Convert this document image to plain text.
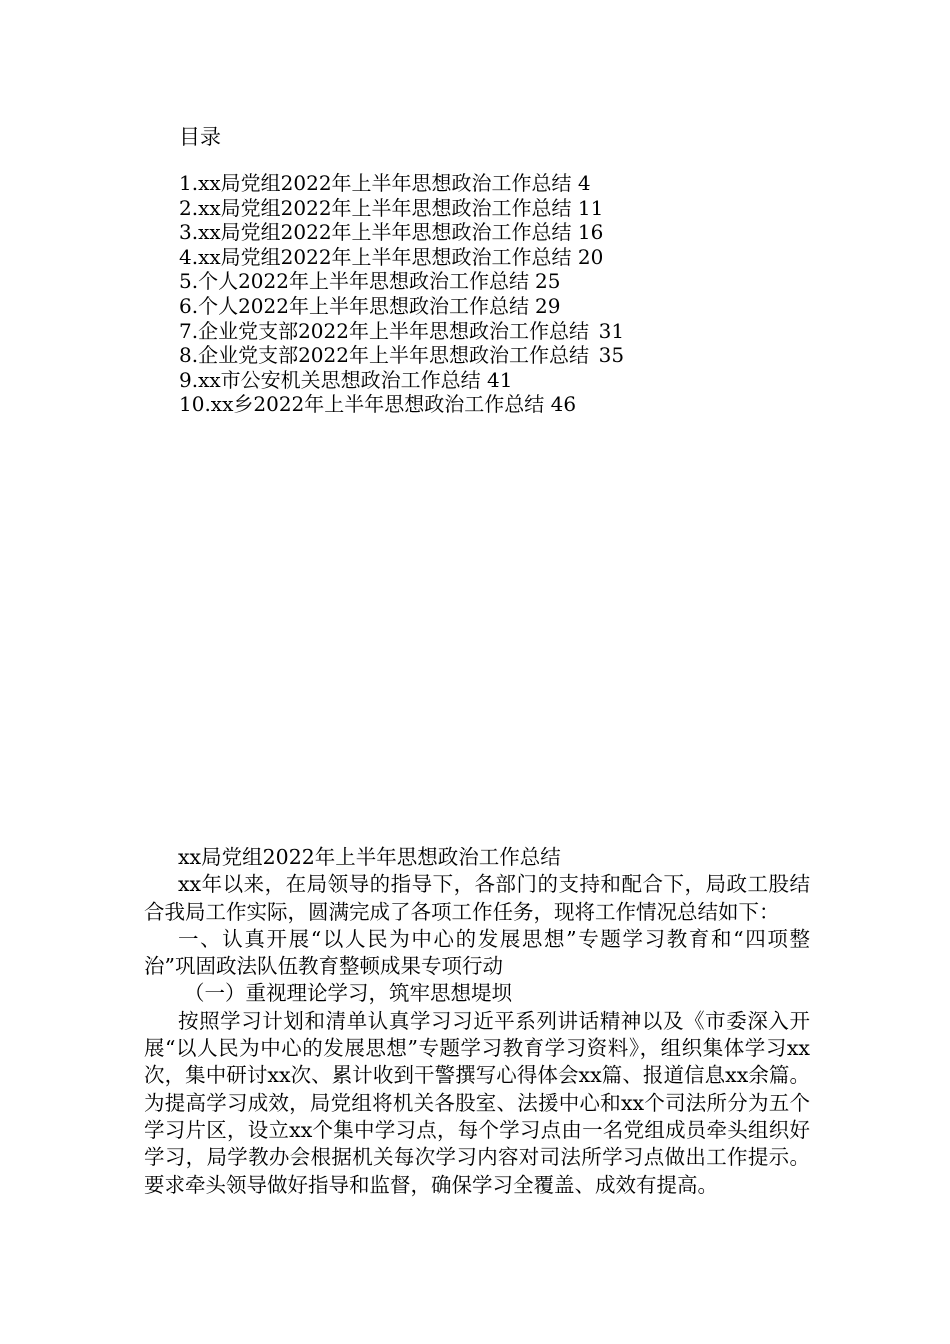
目录
1.xx局党组2022年上半年思想政治工作总结 4
2.xx局党组2022年上半年思想政治工作总结 11
3.xx局党组2022年上半年思想政治工作总结 16
4.xx局党组2022年上半年思想政治工作总结 20
5.个人2022年上半年思想政治工作总结	25
6.个人2022年上半年思想政治工作总结	29
7.企业党支部2022年上半年思想政治工作总结	31
8.企业党支部2022年上半年思想政治工作总结	35
9.xx市公安机关思想政治工作总结 41
10.xx乡2022年上半年思想政治工作总结 46

xx局党组2022年上半年思想政治工作总结

xx年以来，在局领导的指导下，各部门的支持和配合下，局政工股结合我局工作实际，圆满完成了各项工作任务，现将工作情况总结如下：

一、认真开展“以人民为中心的发展思想”专题学习教育和“四项整治”巩固政法队伍教育整顿成果专项行动

（一）重视理论学习，筑牢思想堤坝

按照学习计划和清单认真学习习近平系列讲话精神以及《市委深入开展“以人民为中心的发展思想”专题学习教育学习资料》，组织集体学习xx次，集中研讨xx次、累计收到干警撰写心得体会xx篇、报道信息xx余篇。为提高学习成效，局党组将机关各股室、法援中心和xx个司法所分为五个学习片区，设立xx个集中学习点，每个学习点由一名党组成员牵头组织好学习，局学教办会根据机关每次学习内容对司法所学习点做出工作提示。要求牵头领导做好指导和监督，确保学习全覆盖、成效有提高。
